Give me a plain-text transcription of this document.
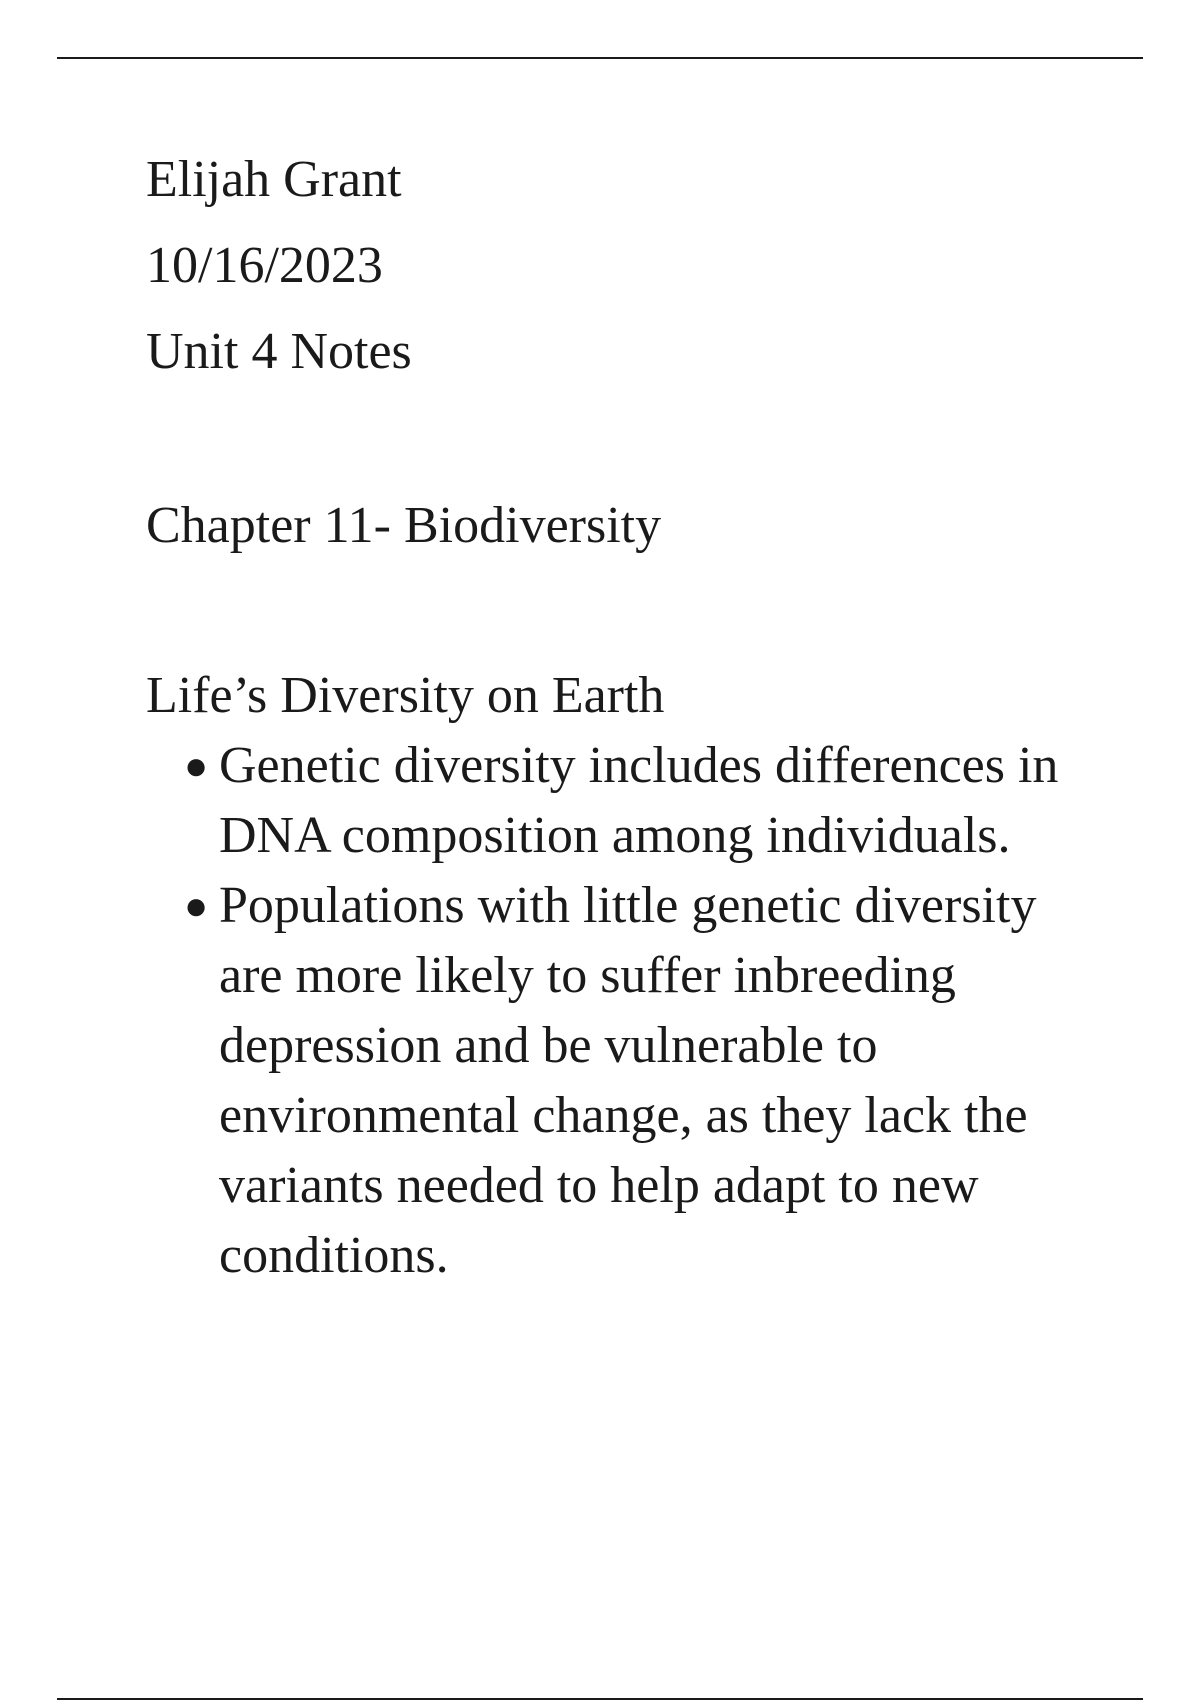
Elijah Grant
10/16/2023
Unit 4 Notes
Chapter 11- Biodiversity
Life’s Diversity on Earth
● Genetic diversity includes differences in DNA composition among individuals.
● Populations with little genetic diversity are more likely to suffer inbreeding depression and be vulnerable to environmental change, as they lack the variants needed to help adapt to new conditions.
